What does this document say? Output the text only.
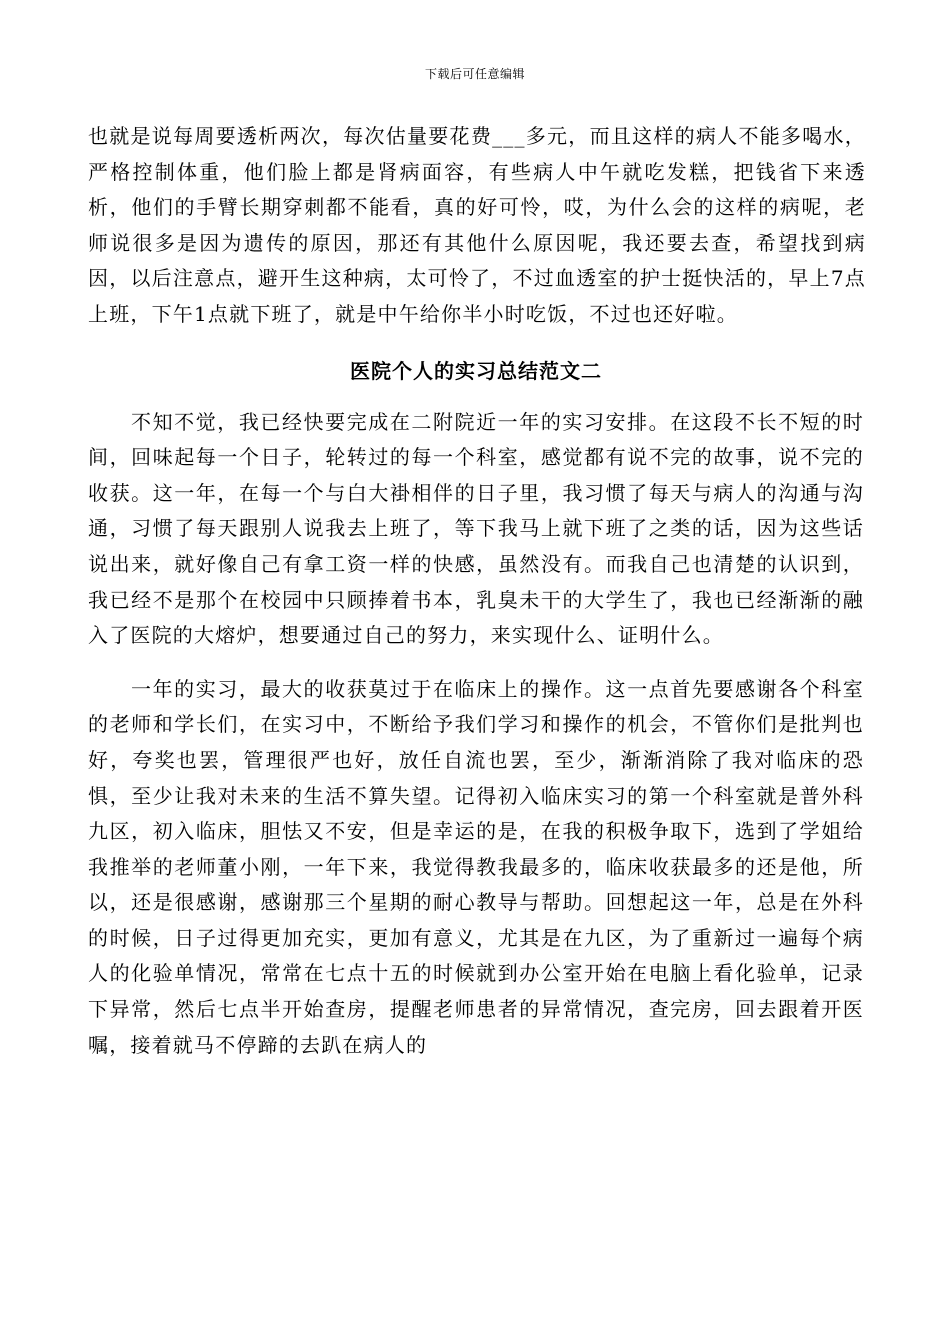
下载后可任意编辑

也就是说每周要透析两次，每次估量要花费___多元，而且这样的病人不能多喝水，严格控制体重，他们脸上都是肾病面容，有些病人中午就吃发糕，把钱省下来透析，他们的手臂长期穿刺都不能看，真的好可怜，哎，为什么会的这样的病呢，老师说很多是因为遗传的原因，那还有其他什么原因呢，我还要去查，希望找到病因，以后注意点，避开生这种病，太可怜了，不过血透室的护士挺快活的，早上7点上班，下午1点就下班了，就是中午给你半小时吃饭，不过也还好啦。

医院个人的实习总结范文二

不知不觉，我已经快要完成在二附院近一年的实习安排。在这段不长不短的时间，回味起每一个日子，轮转过的每一个科室，感觉都有说不完的故事，说不完的收获。这一年，在每一个与白大褂相伴的日子里，我习惯了每天与病人的沟通与沟通，习惯了每天跟别人说我去上班了，等下我马上就下班了之类的话，因为这些话说出来，就好像自己有拿工资一样的快感，虽然没有。而我自己也清楚的认识到，我已经不是那个在校园中只顾捧着书本，乳臭未干的大学生了，我也已经渐渐的融入了医院的大熔炉，想要通过自己的努力，来实现什么、证明什么。

一年的实习，最大的收获莫过于在临床上的操作。这一点首先要感谢各个科室的老师和学长们，在实习中，不断给予我们学习和操作的机会，不管你们是批判也好，夸奖也罢，管理很严也好，放任自流也罢，至少，渐渐消除了我对临床的恐惧，至少让我对未来的生活不算失望。记得初入临床实习的第一个科室就是普外科九区，初入临床，胆怯又不安，但是幸运的是，在我的积极争取下，选到了学姐给我推举的老师董小刚，一年下来，我觉得教我最多的，临床收获最多的还是他，所以，还是很感谢，感谢那三个星期的耐心教导与帮助。回想起这一年，总是在外科的时候，日子过得更加充实，更加有意义，尤其是在九区，为了重新过一遍每个病人的化验单情况，常常在七点十五的时候就到办公室开始在电脑上看化验单，记录下异常，然后七点半开始查房，提醒老师患者的异常情况，查完房，回去跟着开医嘱，接着就马不停蹄的去趴在病人的
